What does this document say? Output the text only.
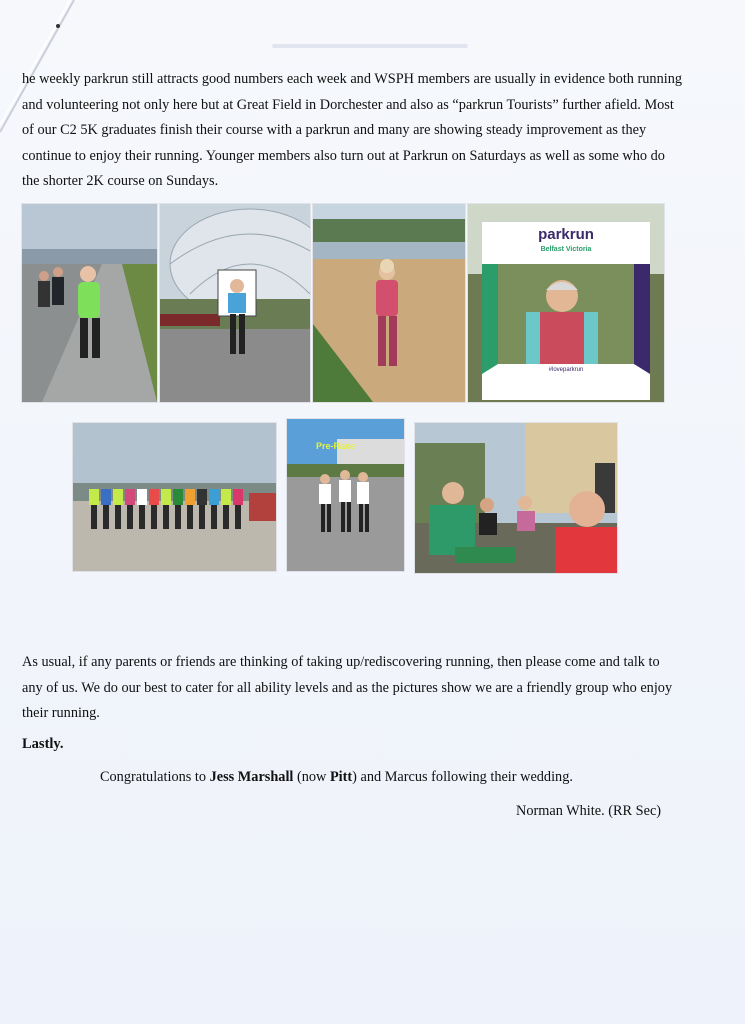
▬▬▬▬▬▬▬▬▬▬▬▬▬▬▬

he weekly parkrun still attracts good numbers each week and WSPH members are usually in evidence both running and volunteering not only here but at Great Field in Dorchester and also as “parkrun Tourists” further afield. Most of our C2 5K graduates finish their course with a parkrun and many are showing steady improvement as they continue to enjoy their running. Younger members also turn out at Parkrun on Saturdays as well as some who do the shorter 2K course on Sundays.

parkrun
Belfast Victoria
#loveparkrun
Pre-Race

As usual, if any parents or friends are thinking of taking up/rediscovering running, then please come and talk to any of us. We do our best to cater for all ability levels and as the pictures show we are a friendly group who enjoy their running.

Lastly.
Congratulations to Jess Marshall (now Pitt) and Marcus following their wedding.
Norman White. (RR Sec)
